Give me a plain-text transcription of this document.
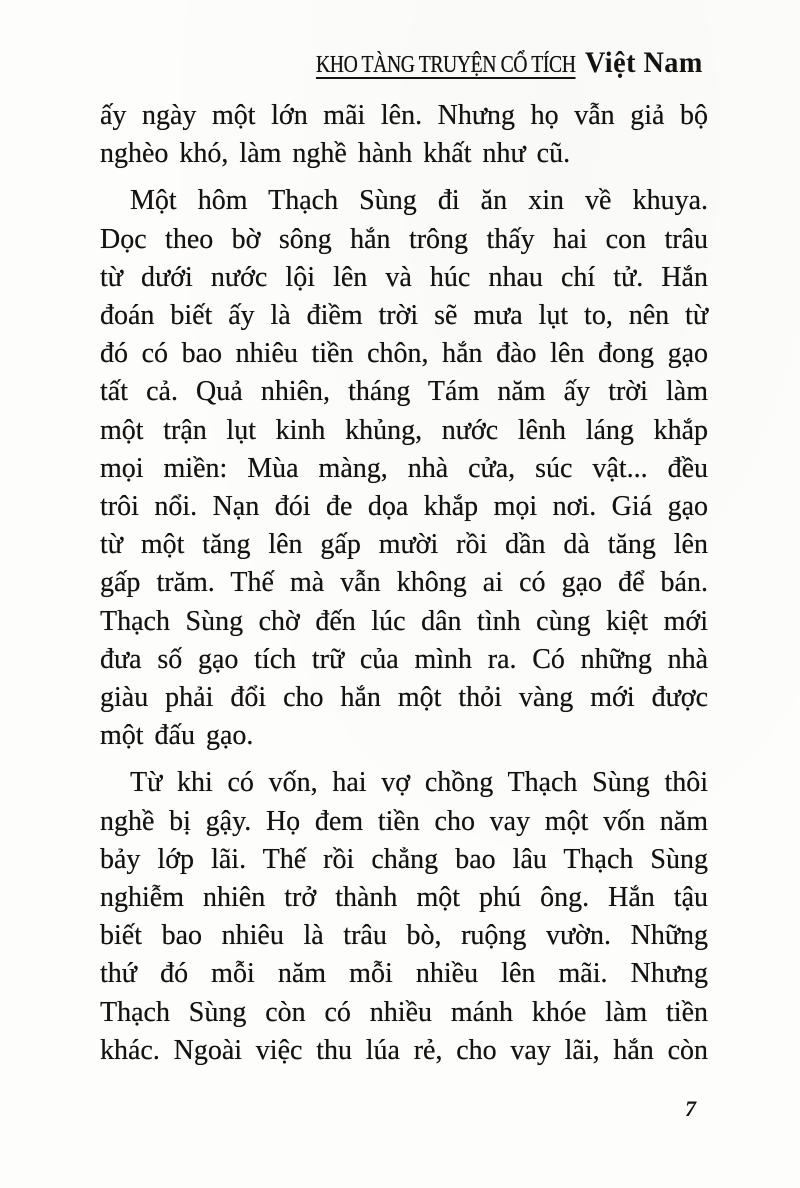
KHO TÀNG TRUYỆN CỔ TÍCH Việt Nam
ấy ngày một lớn mãi lên. Nhưng họ vẫn giả bộ
nghèo khó, làm nghề hành khất như cũ.
Một hôm Thạch Sùng đi ăn xin về khuya.
Dọc theo bờ sông hắn trông thấy hai con trâu
từ dưới nước lội lên và húc nhau chí tử. Hắn
đoán biết ấy là điềm trời sẽ mưa lụt to, nên từ
đó có bao nhiêu tiền chôn, hắn đào lên đong gạo
tất cả. Quả nhiên, tháng Tám năm ấy trời làm
một trận lụt kinh khủng, nước lênh láng khắp
mọi miền: Mùa màng, nhà cửa, súc vật... đều
trôi nổi. Nạn đói đe dọa khắp mọi nơi. Giá gạo
từ một tăng lên gấp mười rồi dần dà tăng lên
gấp trăm. Thế mà vẫn không ai có gạo để bán.
Thạch Sùng chờ đến lúc dân tình cùng kiệt mới
đưa số gạo tích trữ của mình ra. Có những nhà
giàu phải đổi cho hắn một thỏi vàng mới được
một đấu gạo.
Từ khi có vốn, hai vợ chồng Thạch Sùng thôi
nghề bị gậy. Họ đem tiền cho vay một vốn năm
bảy lớp lãi. Thế rồi chẳng bao lâu Thạch Sùng
nghiễm nhiên trở thành một phú ông. Hắn tậu
biết bao nhiêu là trâu bò, ruộng vườn. Những
thứ đó mỗi năm mỗi nhiều lên mãi. Nhưng
Thạch Sùng còn có nhiều mánh khóe làm tiền
khác. Ngoài việc thu lúa rẻ, cho vay lãi, hắn còn
7
